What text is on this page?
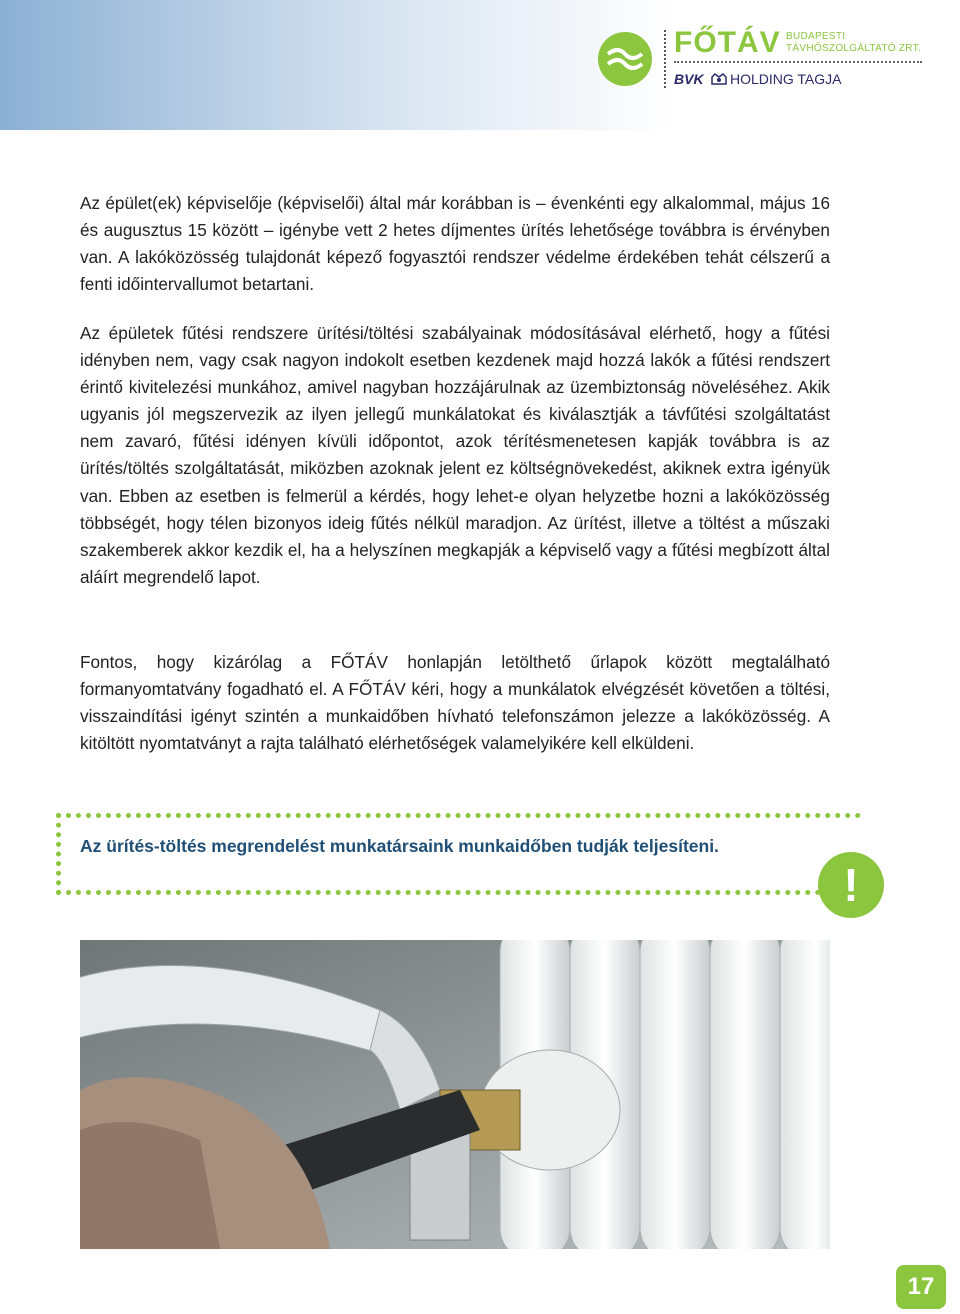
FŐTÁV BUDAPESTI
TÁVHŐSZOLGÁLTATÓ ZRT.
BVK HOLDING TAGJA

Az épület(ek) képviselője (képviselői) által már korábban is – évenkénti egy alkalommal, május 16 és augusztus 15 között – igénybe vett 2 hetes díjmentes ürítés lehetősége továbbra is érvényben van. A lakóközösség tulajdonát képező fogyasztói rendszer védelme érdekében tehát célszerű a fenti időintervallumot betartani.

Az épületek fűtési rendszere ürítési/töltési szabályainak módosításával elérhető, hogy a fűtési idényben nem, vagy csak nagyon indokolt esetben kezdenek majd hozzá lakók a fűtési rendszert érintő kivitelezési munkához, amivel nagyban hozzájárulnak az üzembiztonság növeléséhez. Akik ugyanis jól megszervezik az ilyen jellegű munkálatokat és kiválasztják a távfűtési szolgáltatást nem zavaró, fűtési idényen kívüli időpontot, azok térítésmenetesen kapják továbbra is az ürítés/töltés szolgáltatását, miközben azoknak jelent ez költségnövekedést, akiknek extra igényük van. Ebben az esetben is felmerül a kérdés, hogy lehet-e olyan helyzetbe hozni a lakóközösség többségét, hogy télen bizonyos ideig fűtés nélkül maradjon. Az ürítést, illetve a töltést a műszaki szakemberek akkor kezdik el, ha a helyszínen megkapják a képviselő vagy a fűtési megbízott által aláírt megrendelő lapot.

Fontos, hogy kizárólag a FŐTÁV honlapján letölthető űrlapok között megtalálható formanyomtatvány fogadható el. A FŐTÁV kéri, hogy a munkálatok elvégzését követően a töltési, visszaindítási igényt szintén a munkaidőben hívható telefonszámon jelezze a lakóközösség. A kitöltött nyomtatványt a rajta található elérhetőségek valamelyikére kell elküldeni.

Az ürítés-töltés megrendelést munkatársaink munkaidőben tudják teljesíteni.
!
17
